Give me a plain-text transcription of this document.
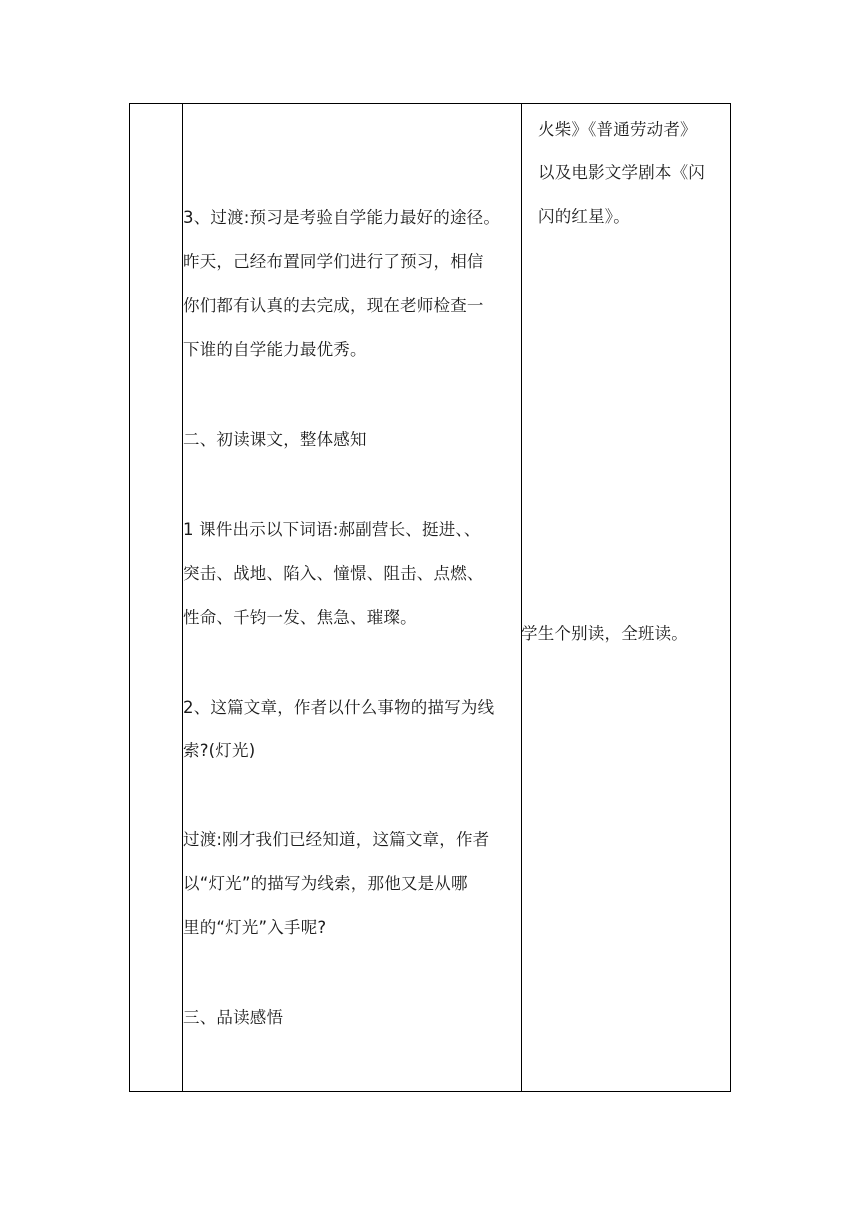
火柴》《普通劳动者》
以及电影文学剧本《闪
闪的红星》。
3、过渡:预习是考验自学能力最好的途径。
昨天，己经布置同学们进行了预习，相信
你们都有认真的去完成，现在老师检查一
下谁的自学能力最优秀。
二、初读课文，整体感知
1 课件出示以下词语:郝副营长、挺进、、
突击、战地、陷入、憧憬、阻击、点燃、
性命、千钧一发、焦急、璀璨。
学生个别读，全班读。
2、这篇文章，作者以什么事物的描写为线
索?(灯光)
过渡:刚才我们已经知道，这篇文章，作者
以“灯光”的描写为线索，那他又是从哪
里的“灯光”入手呢?
三、品读感悟
